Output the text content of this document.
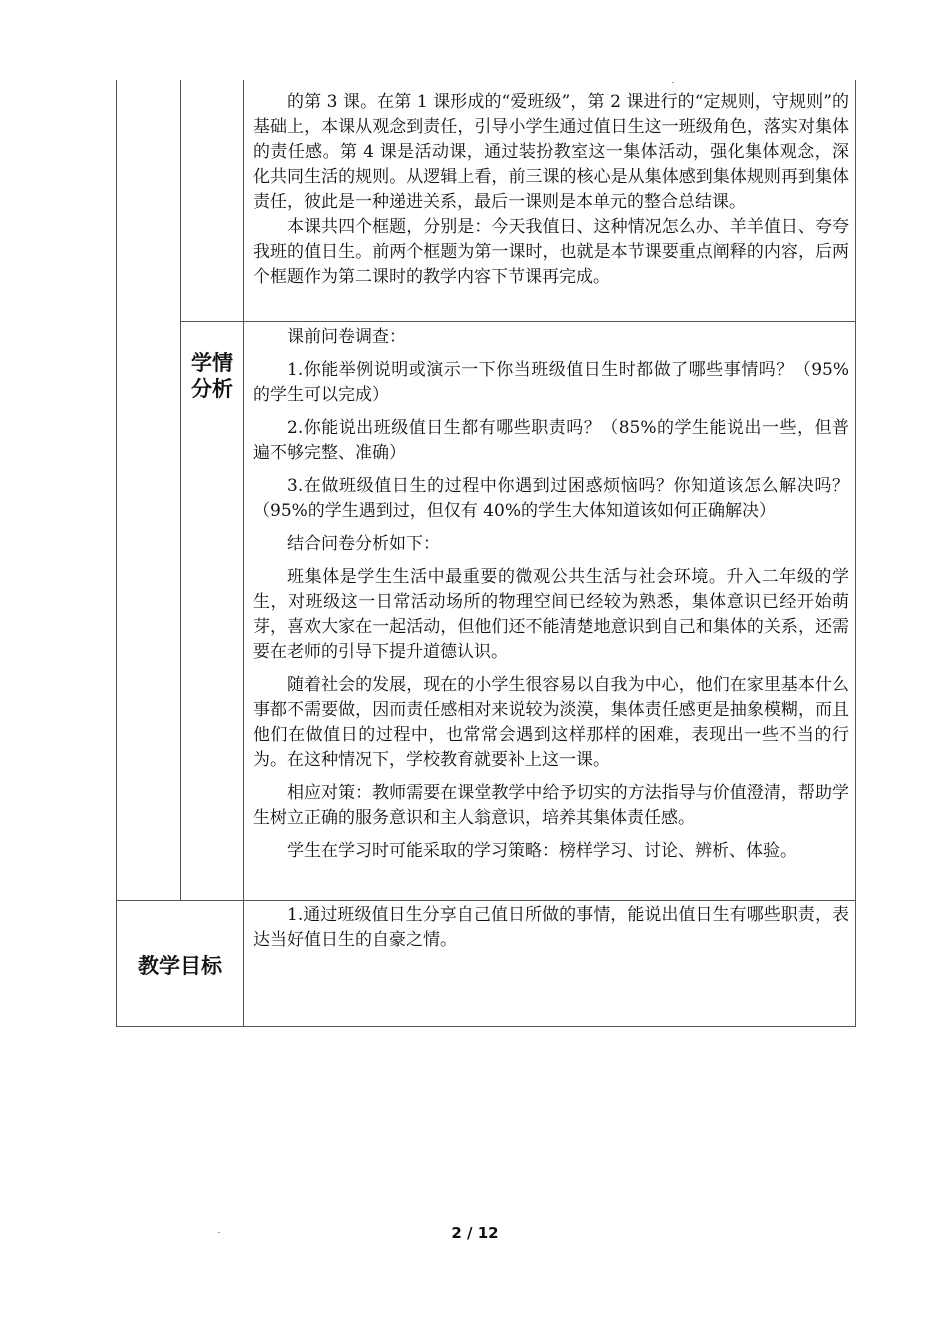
的第 3 课。在第 1 课形成的“爱班级”，第 2 课进行的“定规则，守规则”的基础上，本课从观念到责任，引导小学生通过值日生这一班级角色，落实对集体的责任感。第 4 课是活动课，通过装扮教室这一集体活动，强化集体观念，深化共同生活的规则。从逻辑上看，前三课的核心是从集体感到集体规则再到集体责任，彼此是一种递进关系，最后一课则是本单元的整合总结课。

本课共四个框题，分别是：今天我值日、这种情况怎么办、羊羊值日、夸夸我班的值日生。前两个框题为第一课时，也就是本节课要重点阐释的内容，后两个框题作为第二课时的教学内容下节课再完成。

学情
分析

课前问卷调查：

1.你能举例说明或演示一下你当班级值日生时都做了哪些事情吗？（95%的学生可以完成）

2.你能说出班级值日生都有哪些职责吗？（85%的学生能说出一些，但普遍不够完整、准确）

3.在做班级值日生的过程中你遇到过困惑烦恼吗？你知道该怎么解决吗？（95%的学生遇到过，但仅有 40%的学生大体知道该如何正确解决）

结合问卷分析如下：

班集体是学生生活中最重要的微观公共生活与社会环境。升入二年级的学生，对班级这一日常活动场所的物理空间已经较为熟悉，集体意识已经开始萌芽，喜欢大家在一起活动，但他们还不能清楚地意识到自己和集体的关系，还需要在老师的引导下提升道德认识。

随着社会的发展，现在的小学生很容易以自我为中心，他们在家里基本什么事都不需要做，因而责任感相对来说较为淡漠，集体责任感更是抽象模糊，而且他们在做值日的过程中，也常常会遇到这样那样的困难，表现出一些不当的行为。在这种情况下，学校教育就要补上这一课。

相应对策：教师需要在课堂教学中给予切实的方法指导与价值澄清，帮助学生树立正确的服务意识和主人翁意识，培养其集体责任感。

学生在学习时可能采取的学习策略：榜样学习、讨论、辨析、体验。

教学目标

1.通过班级值日生分享自己值日所做的事情，能说出值日生有哪些职责，表达当好值日生的自豪之情。

2 / 12
